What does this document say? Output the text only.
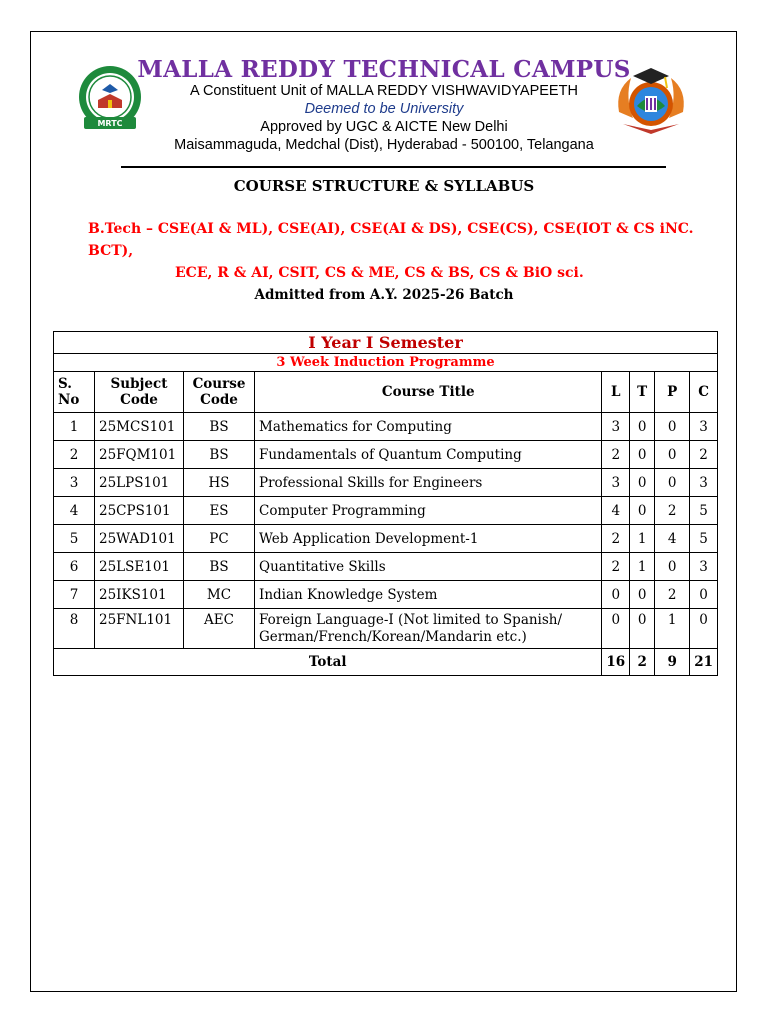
MRTC
MALLA REDDY TECHNICAL CAMPUS
A Constituent Unit of MALLA REDDY VISHWAVIDYAPEETH
Deemed to be University
Approved by UGC & AICTE New Delhi
Maisammaguda, Medchal (Dist), Hyderabad - 500100, Telangana
COURSE STRUCTURE & SYLLABUS
B.Tech – CSE(AI & ML), CSE(AI), CSE(AI & DS), CSE(CS), CSE(IOT & CS iNC. BCT),
ECE, R & AI, CSIT, CS & ME, CS & BS, CS & BiO sci.
Admitted from A.Y. 2025-26 Batch
I Year I Semester							
3 Week Induction Programme							
S. No	Subject Code	Course Code	Course Title	L	T	P	C
1	25MCS101	BS	Mathematics for Computing	3	0	0	3
2	25FQM101	BS	Fundamentals of Quantum Computing	2	0	0	2
3	25LPS101	HS	Professional Skills for Engineers	3	0	0	3
4	25CPS101	ES	Computer Programming	4	0	2	5
5	25WAD101	PC	Web Application Development-1	2	1	4	5
6	25LSE101	BS	Quantitative Skills	2	1	0	3
7	25IKS101	MC	Indian Knowledge System	0	0	2	0
8	25FNL101	AEC	Foreign Language-I (Not limited to Spanish/ German/French/Korean/Mandarin etc.)	0	0	1	0
Total				16	2	9	21
